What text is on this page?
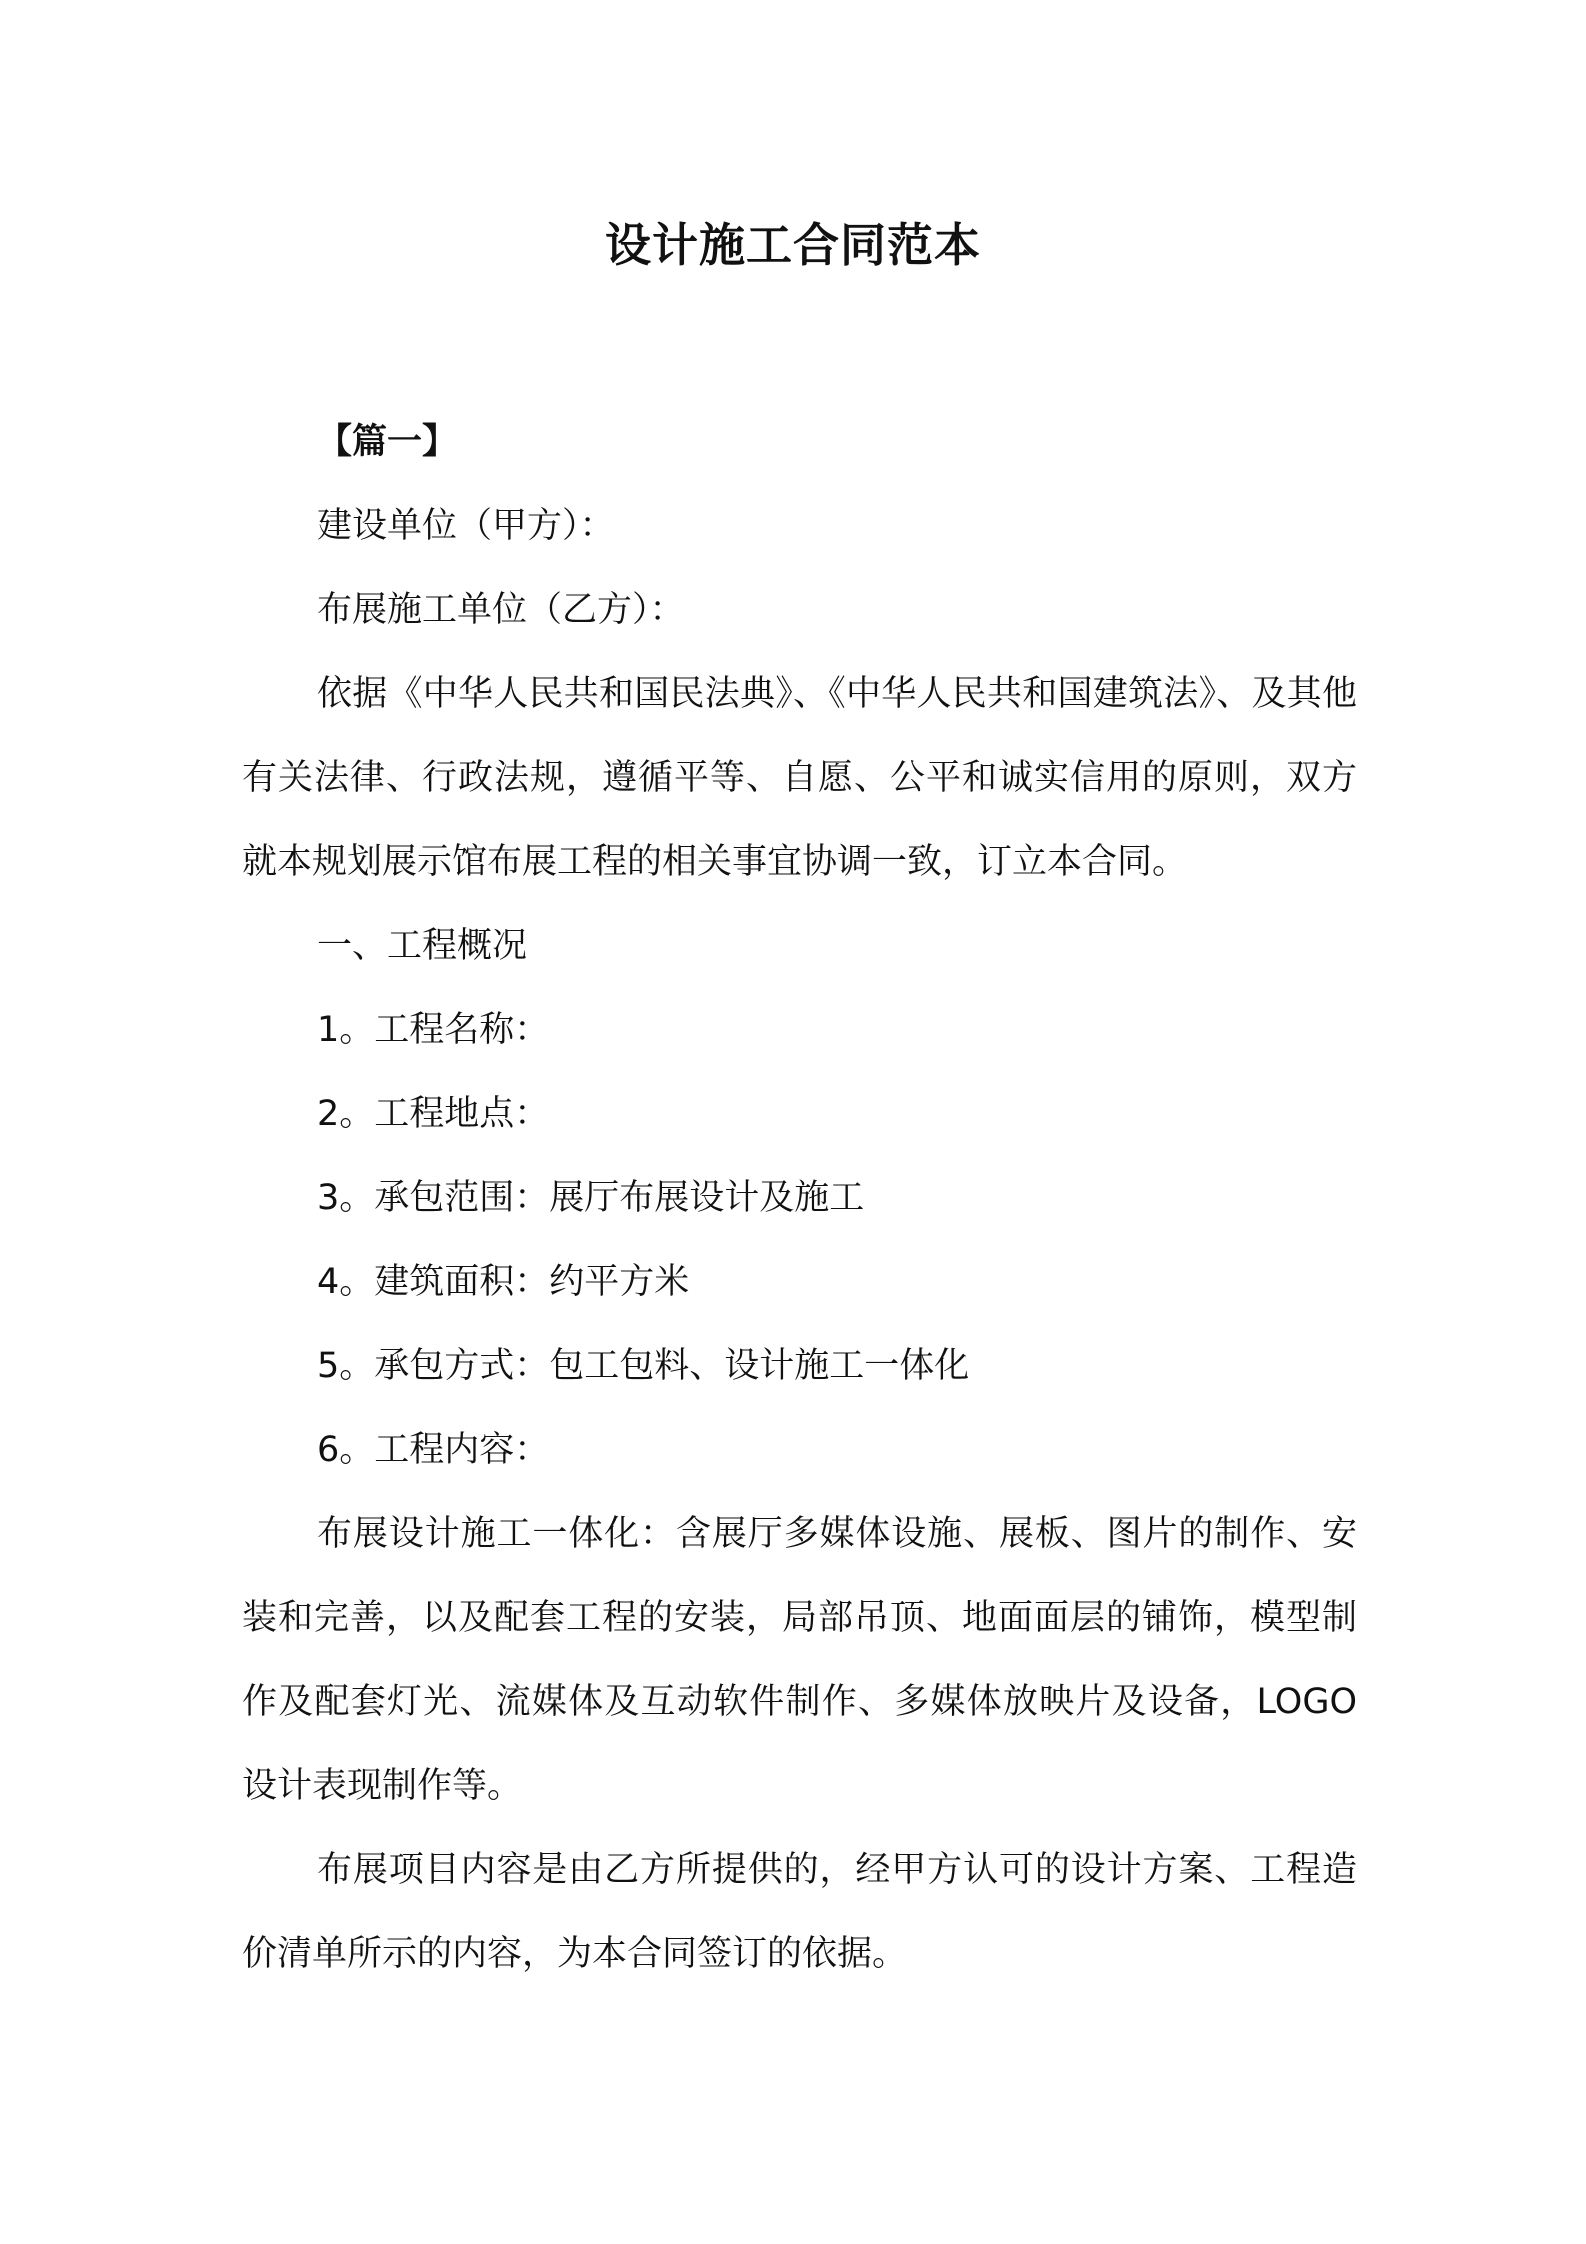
设计施工合同范本

【篇一】

建设单位（甲方）：

布展施工单位（乙方）：

依据《中华人民共和国民法典》、《中华人民共和国建筑法》、及其他有关法律、行政法规，遵循平等、自愿、公平和诚实信用的原则，双方就本规划展示馆布展工程的相关事宜协调一致，订立本合同。

一、工程概况

1。工程名称：

2。工程地点：

3。承包范围：展厅布展设计及施工

4。建筑面积：约平方米

5。承包方式：包工包料、设计施工一体化

6。工程内容：

布展设计施工一体化：含展厅多媒体设施、展板、图片的制作、安装和完善，以及配套工程的安装，局部吊顶、地面面层的铺饰，模型制作及配套灯光、流媒体及互动软件制作、多媒体放映片及设备，LOGO 设计表现制作等。

布展项目内容是由乙方所提供的，经甲方认可的设计方案、工程造价清单所示的内容，为本合同签订的依据。
